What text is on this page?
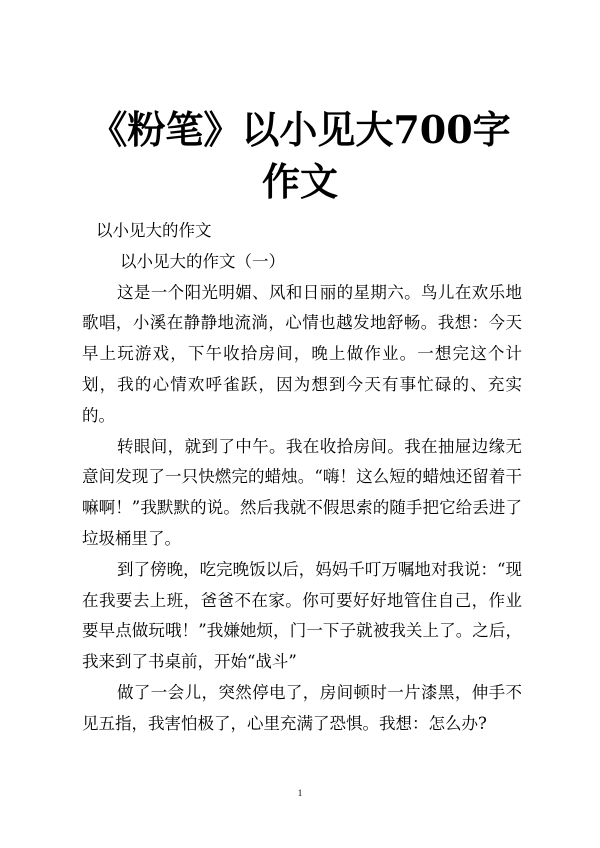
《粉笔》以小见大700字
作文

以小见大的作文

以小见大的作文（一）

这是一个阳光明媚、风和日丽的星期六。鸟儿在欢乐地歌唱，小溪在静静地流淌，心情也越发地舒畅。我想：今天早上玩游戏，下午收拾房间，晚上做作业。一想完这个计划，我的心情欢呼雀跃，因为想到今天有事忙碌的、充实的。

转眼间，就到了中午。我在收拾房间。我在抽屉边缘无意间发现了一只快燃完的蜡烛。“嗨！这么短的蜡烛还留着干嘛啊！”我默默的说。然后我就不假思索的随手把它给丢进了垃圾桶里了。

到了傍晚，吃完晚饭以后，妈妈千叮万嘱地对我说：“现在我要去上班，爸爸不在家。你可要好好地管住自己，作业要早点做玩哦！”我嫌她烦，门一下子就被我关上了。之后，我来到了书桌前，开始“战斗”

做了一会儿，突然停电了，房间顿时一片漆黑，伸手不见五指，我害怕极了，心里充满了恐惧。我想：怎么办?

1
